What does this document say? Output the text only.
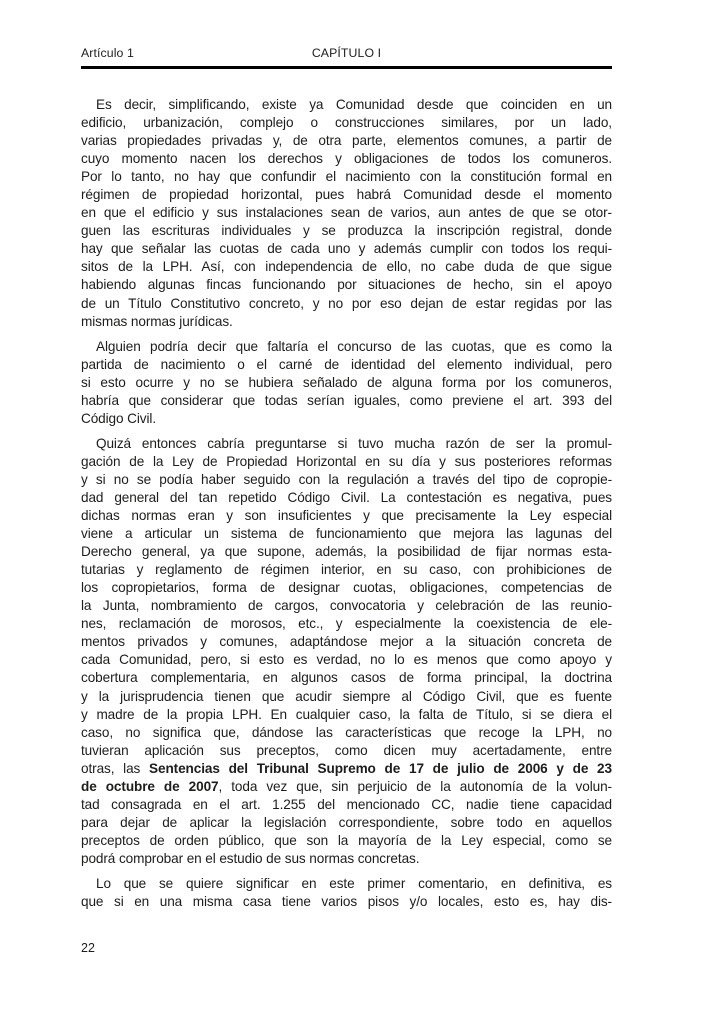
Artículo 1	CAPÍTULO I
Es decir, simplificando, existe ya Comunidad desde que coinciden en un
edificio, urbanización, complejo o construcciones similares, por un lado,
varias propiedades privadas y, de otra parte, elementos comunes, a partir de
cuyo momento nacen los derechos y obligaciones de todos los comuneros.
Por lo tanto, no hay que confundir el nacimiento con la constitución formal en
régimen de propiedad horizontal, pues habrá Comunidad desde el momento
en que el edificio y sus instalaciones sean de varios, aun antes de que se otor-
guen las escrituras individuales y se produzca la inscripción registral, donde
hay que señalar las cuotas de cada uno y además cumplir con todos los requi-
sitos de la LPH. Así, con independencia de ello, no cabe duda de que sigue
habiendo algunas fincas funcionando por situaciones de hecho, sin el apoyo
de un Título Constitutivo concreto, y no por eso dejan de estar regidas por las
mismas normas jurídicas.
Alguien podría decir que faltaría el concurso de las cuotas, que es como la
partida de nacimiento o el carné de identidad del elemento individual, pero
si esto ocurre y no se hubiera señalado de alguna forma por los comuneros,
habría que considerar que todas serían iguales, como previene el art. 393 del
Código Civil.
Quizá entonces cabría preguntarse si tuvo mucha razón de ser la promul-
gación de la Ley de Propiedad Horizontal en su día y sus posteriores reformas
y si no se podía haber seguido con la regulación a través del tipo de copropie-
dad general del tan repetido Código Civil. La contestación es negativa, pues
dichas normas eran y son insuficientes y que precisamente la Ley especial
viene a articular un sistema de funcionamiento que mejora las lagunas del
Derecho general, ya que supone, además, la posibilidad de fijar normas esta-
tutarias y reglamento de régimen interior, en su caso, con prohibiciones de
los copropietarios, forma de designar cuotas, obligaciones, competencias de
la Junta, nombramiento de cargos, convocatoria y celebración de las reunio-
nes, reclamación de morosos, etc., y especialmente la coexistencia de ele-
mentos privados y comunes, adaptándose mejor a la situación concreta de
cada Comunidad, pero, si esto es verdad, no lo es menos que como apoyo y
cobertura complementaria, en algunos casos de forma principal, la doctrina
y la jurisprudencia tienen que acudir siempre al Código Civil, que es fuente
y madre de la propia LPH. En cualquier caso, la falta de Título, si se diera el
caso, no significa que, dándose las características que recoge la LPH, no
tuvieran aplicación sus preceptos, como dicen muy acertadamente, entre
otras, las Sentencias del Tribunal Supremo de 17 de julio de 2006 y de 23
de octubre de 2007, toda vez que, sin perjuicio de la autonomía de la volun-
tad consagrada en el art. 1.255 del mencionado CC, nadie tiene capacidad
para dejar de aplicar la legislación correspondiente, sobre todo en aquellos
preceptos de orden público, que son la mayoría de la Ley especial, como se
podrá comprobar en el estudio de sus normas concretas.
Lo que se quiere significar en este primer comentario, en definitiva, es
que si en una misma casa tiene varios pisos y/o locales, esto es, hay dis-
22
